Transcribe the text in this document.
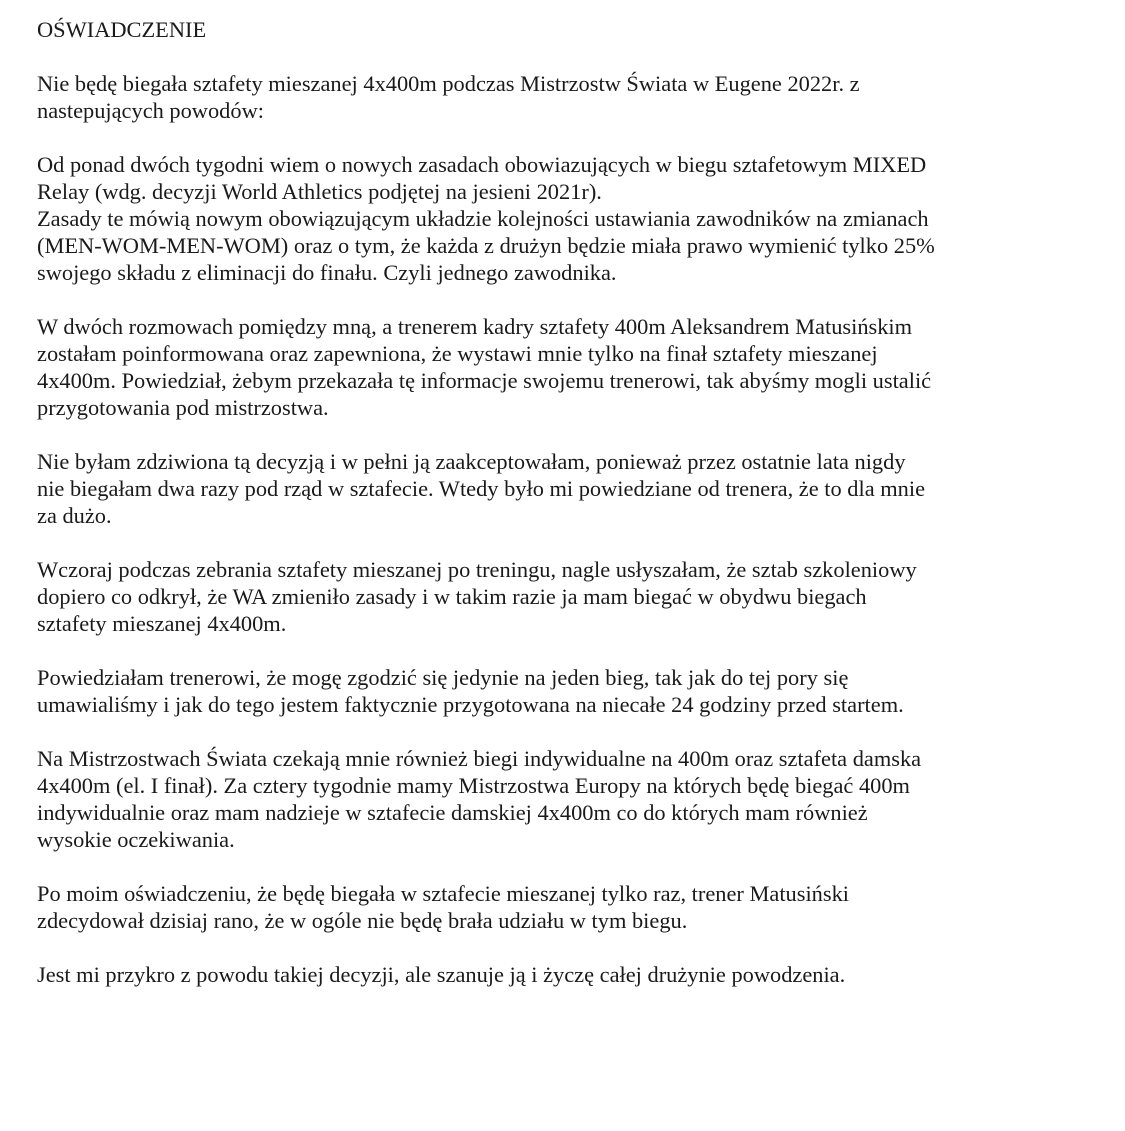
OŚWIADCZENIE

Nie będę biegała sztafety mieszanej 4x400m podczas Mistrzostw Świata w Eugene 2022r. z
nastepujących powodów:

Od ponad dwóch tygodni wiem o nowych zasadach obowiazujących w biegu sztafetowym MIXED
Relay (wdg. decyzji World Athletics podjętej na jesieni 2021r).
Zasady te mówią nowym obowiązującym układzie kolejności ustawiania zawodników na zmianach
(MEN-WOM-MEN-WOM) oraz o tym, że każda z drużyn będzie miała prawo wymienić tylko 25%
swojego składu z eliminacji do finału. Czyli jednego zawodnika.

W dwóch rozmowach pomiędzy mną, a trenerem kadry sztafety 400m Aleksandrem Matusińskim
zostałam poinformowana oraz zapewniona, że wystawi mnie tylko na finał sztafety mieszanej
4x400m. Powiedział, żebym przekazała tę informacje swojemu trenerowi, tak abyśmy mogli ustalić
przygotowania pod mistrzostwa.

Nie byłam zdziwiona tą decyzją i w pełni ją zaakceptowałam, ponieważ przez ostatnie lata nigdy
nie biegałam dwa razy pod rząd w sztafecie. Wtedy było mi powiedziane od trenera, że to dla mnie
za dużo.

Wczoraj podczas zebrania sztafety mieszanej po treningu, nagle usłyszałam, że sztab szkoleniowy
dopiero co odkrył, że WA zmieniło zasady i w takim razie ja mam biegać w obydwu biegach
sztafety mieszanej 4x400m.

Powiedziałam trenerowi, że mogę zgodzić się jedynie na jeden bieg, tak jak do tej pory się
umawialiśmy i jak do tego jestem faktycznie przygotowana na niecałe 24 godziny przed startem.

Na Mistrzostwach Świata czekają mnie również biegi indywidualne na 400m oraz sztafeta damska
4x400m (el. I finał). Za cztery tygodnie mamy Mistrzostwa Europy na których będę biegać 400m
indywidualnie oraz mam nadzieje w sztafecie damskiej 4x400m co do których mam również
wysokie oczekiwania.

Po moim oświadczeniu, że będę biegała w sztafecie mieszanej tylko raz, trener Matusiński
zdecydował dzisiaj rano, że w ogóle nie będę brała udziału w tym biegu.

Jest mi przykro z powodu takiej decyzji, ale szanuje ją i życzę całej drużynie powodzenia.
